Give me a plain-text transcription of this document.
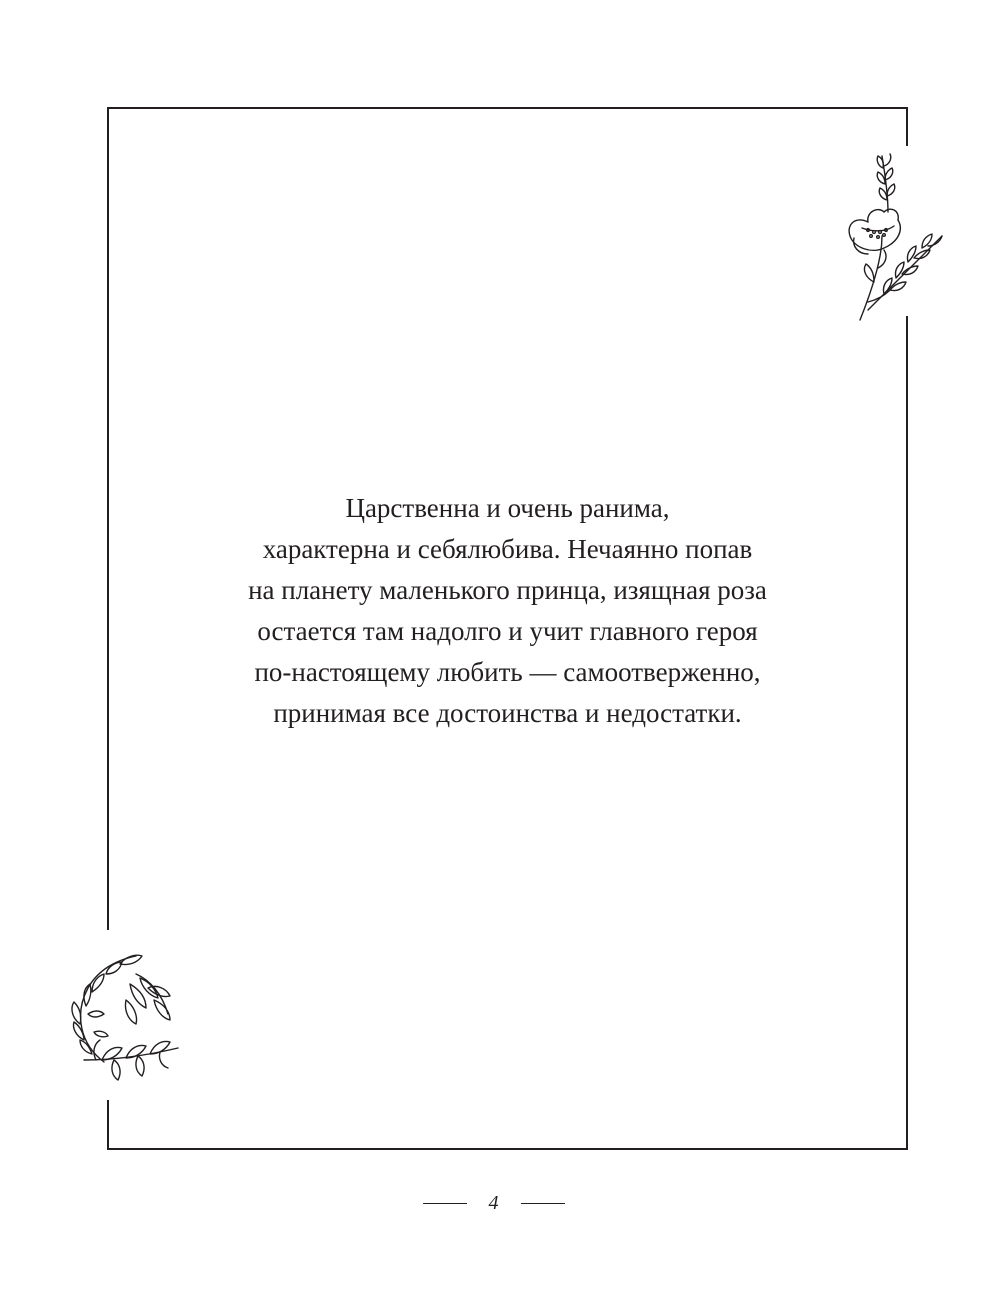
Царственна и очень ранима,
характерна и себялюбива. Нечаянно попав
на планету маленького принца, изящная роза
остается там надолго и учит главного героя
по-настоящему любить — самоотверженно,
принимая все достоинства и недостатки.

4
